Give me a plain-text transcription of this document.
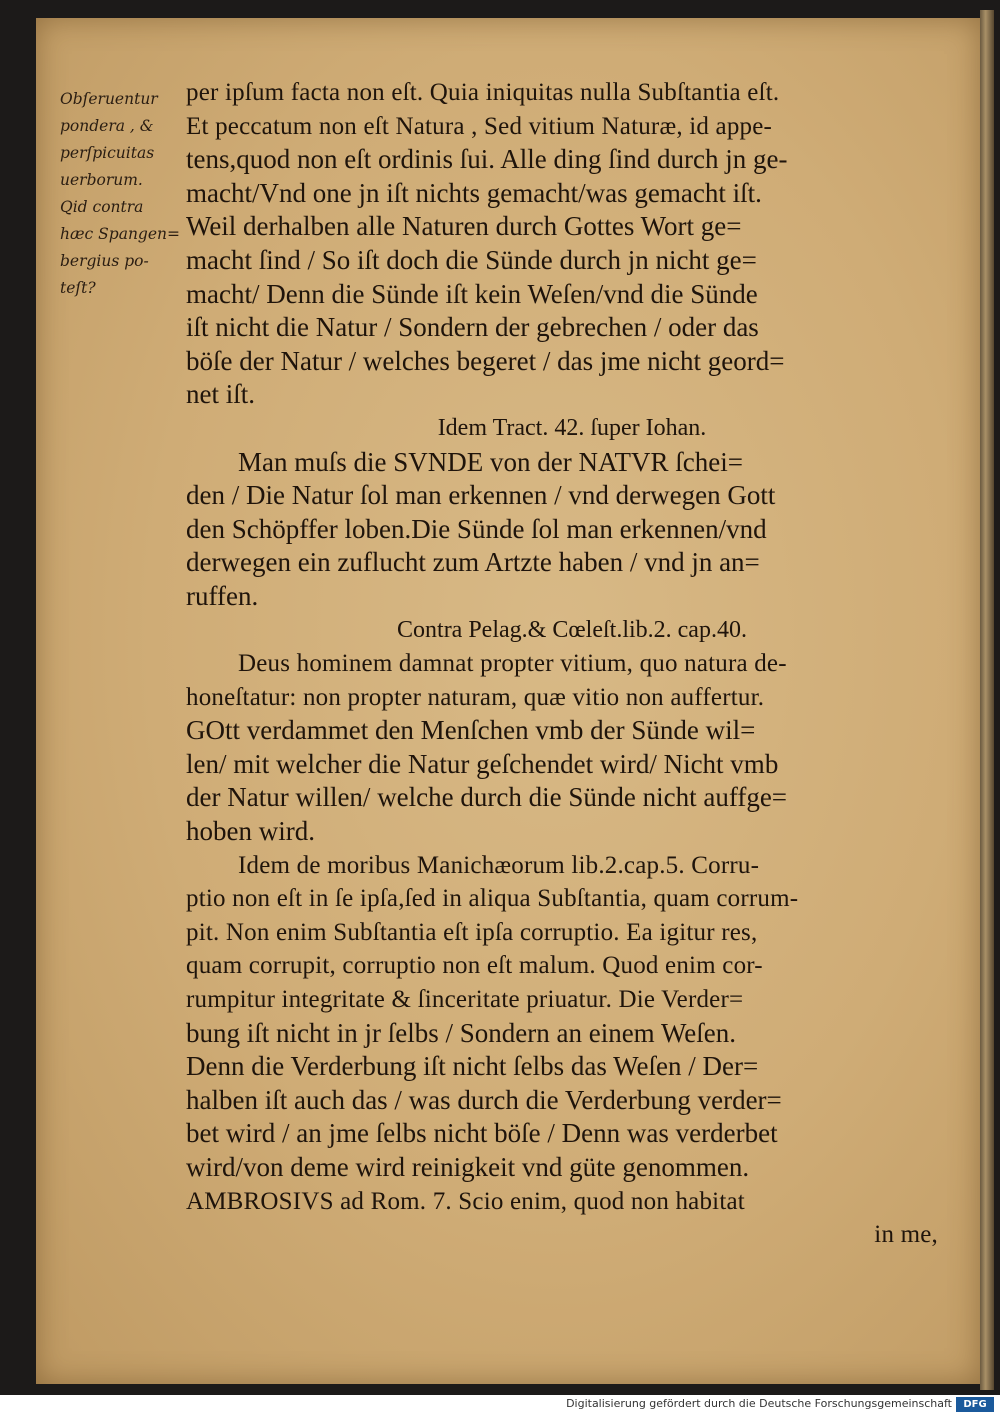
Obſeruentur
pondera , &
perſpicuitas
uerborum.
Qid contra
hæc Spangen=
bergius po-
teſt?
per ipſum facta non eſt. Quia iniquitas nulla Subſtantia eſt.
Et peccatum non eſt Natura , Sed vitium Naturæ, id appe-
tens,quod non eſt ordinis ſui. Alle ding ſind durch jn ge-
macht/Vnd one jn iſt nichts gemacht/was gemacht iſt.
Weil derhalben alle Naturen durch Gottes Wort ge=
macht ſind / So iſt doch die Sünde durch jn nicht ge=
macht/ Denn die Sünde iſt kein Weſen/vnd die Sünde
iſt nicht die Natur / Sondern der gebrechen / oder das
böſe der Natur / welches begeret / das jme nicht geord=
net iſt.
Idem Tract. 42. ſuper Iohan.
Man muſs die SVNDE von der NATVR ſchei=
den / Die Natur ſol man erkennen / vnd derwegen Gott
den Schöpffer loben.Die Sünde ſol man erkennen/vnd
derwegen ein zuflucht zum Artzte haben / vnd jn an=
ruffen.
Contra Pelag.& Cœleſt.lib.2. cap.40.
Deus hominem damnat propter vitium, quo natura de-
honeſtatur: non propter naturam, quæ vitio non auffertur.
GOtt verdammet den Menſchen vmb der Sünde wil=
len/ mit welcher die Natur geſchendet wird/ Nicht vmb
der Natur willen/ welche durch die Sünde nicht auffge=
hoben wird.
Idem de moribus Manichæorum lib.2.cap.5. Corru-
ptio non eſt in ſe ipſa,ſed in aliqua Subſtantia, quam corrum-
pit. Non enim Subſtantia eſt ipſa corruptio. Ea igitur res,
quam corrupit, corruptio non eſt malum. Quod enim cor-
rumpitur integritate & ſinceritate priuatur. Die Verder=
bung iſt nicht in jr ſelbs / Sondern an einem Weſen.
Denn die Verderbung iſt nicht ſelbs das Weſen / Der=
halben iſt auch das / was durch die Verderbung verder=
bet wird / an jme ſelbs nicht böſe / Denn was verderbet
wird/von deme wird reinigkeit vnd güte genommen.
AMBROSIVS ad Rom. 7. Scio enim, quod non habitat
in me,
Digitalisierung gefördert durch die Deutsche Forschungsgemeinschaft	DFG
